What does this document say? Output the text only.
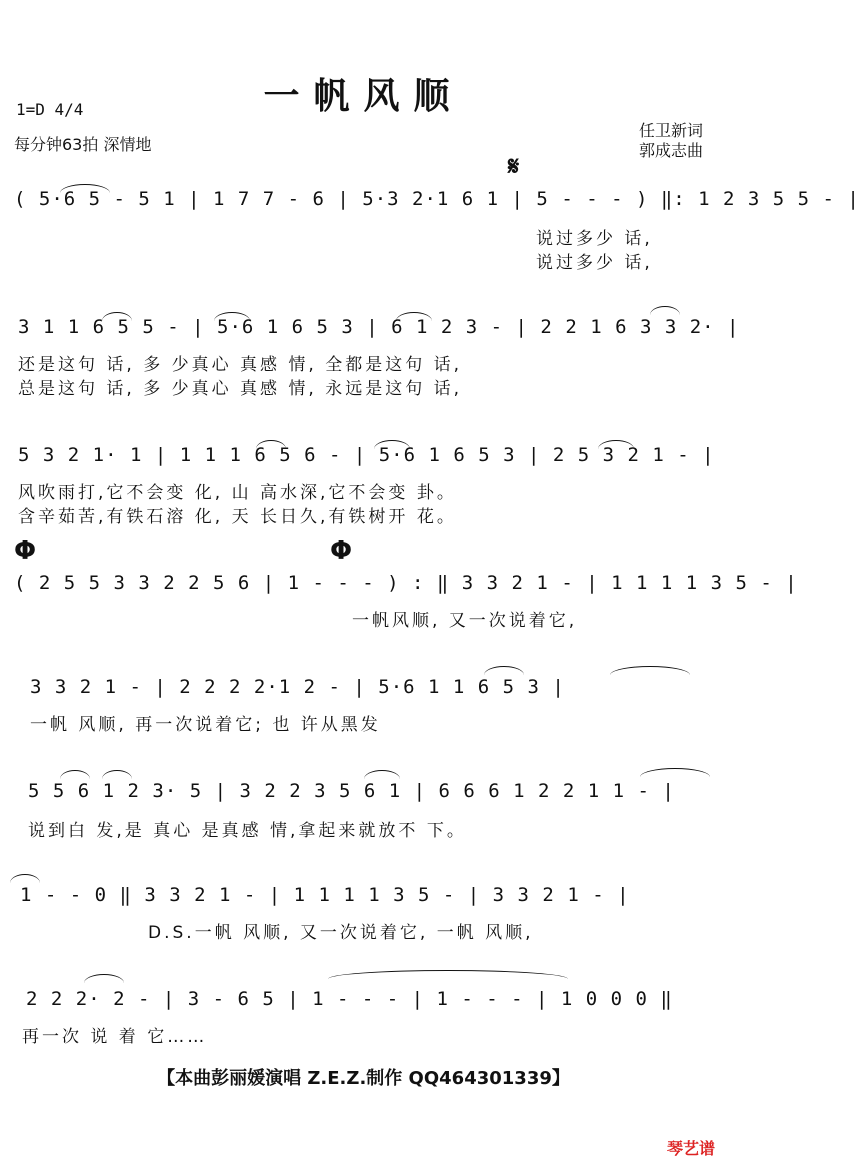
一帆风顺
1=D 4/4
每分钟63拍 深情地
任卫新词
郭成志曲
𝄋
( 5·6 5 - 5 1 | 1 7 7 - 6 | 5·3 2·1 6 1 | 5 - - - ) ‖: 1 2 3 5 5 - |
说过多少 话,
说过多少 话,
3 1 1 6 5 5 - | 5·6 1 6 5 3 | 6 1 2 3 - | 2 2 1 6 3 3 2· |
还是这句 话, 多 少真心 真感 情, 全都是这句 话,
总是这句 话, 多 少真心 真感 情, 永远是这句 话,
5 3 2 1· 1 | 1 1 1 6 5 6 - | 5·6 1 6 5 3 | 2 5 3 2 1 - |
风吹雨打,它不会变 化, 山 高水深,它不会变 卦。
含辛茹苦,有铁石溶 化, 天 长日久,有铁树开 花。
Φ	Φ
( 2 5 5 3 3 2 2 5 6 | 1 - - - ) : ‖ 3 3 2 1 - | 1 1 1 1 3 5 - |
一帆风顺, 又一次说着它,
3 3 2 1 - | 2 2 2 2·1 2 - | 5·6 1 1 6 5 3 |
一帆 风顺, 再一次说着它; 也 许从黑发
5 5 6 1 2 3· 5 | 3 2 2 3 5 6 1 | 6 6 6 1 2 2 1 1 - |
说到白 发,是 真心 是真感 情,拿起来就放不 下。
1 - - 0 ‖ 3 3 2 1 - | 1 1 1 1 3 5 - | 3 3 2 1 - |
D.S.一帆 风顺, 又一次说着它, 一帆 风顺,
2 2 2· 2 - | 3 - 6 5 | 1 - - - | 1 - - - | 1 0 0 0 ‖
再一次 说 着 它……
【本曲彭丽媛演唱 Z.E.Z.制作 QQ464301339】
琴艺谱
